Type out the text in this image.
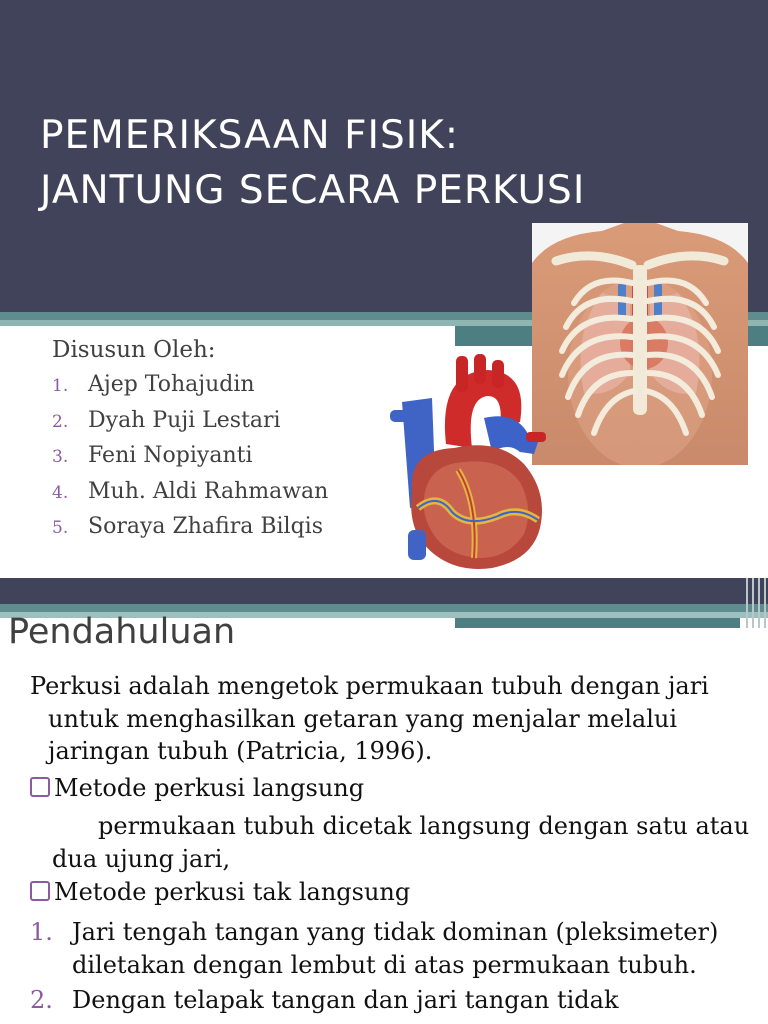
PEMERIKSAAN FISIK:
JANTUNG SECARA PERKUSI
Disusun Oleh:
1. Ajep Tohajudin
2. Dyah Puji Lestari
3. Feni Nopiyanti
4. Muh. Aldi Rahmawan
5. Soraya Zhafira Bilqis
Pendahuluan
Perkusi adalah mengetok permukaan tubuh dengan jari
untuk menghasilkan getaran yang menjalar melalui
jaringan tubuh (Patricia, 1996).
Metode perkusi langsung
permukaan tubuh dicetak langsung dengan satu atau
dua ujung jari,
Metode perkusi tak langsung
1. Jari tengah tangan yang tidak dominan (pleksimeter)
diletakan dengan lembut di atas permukaan tubuh.
2. Dengan telapak tangan dan jari tangan tidak
